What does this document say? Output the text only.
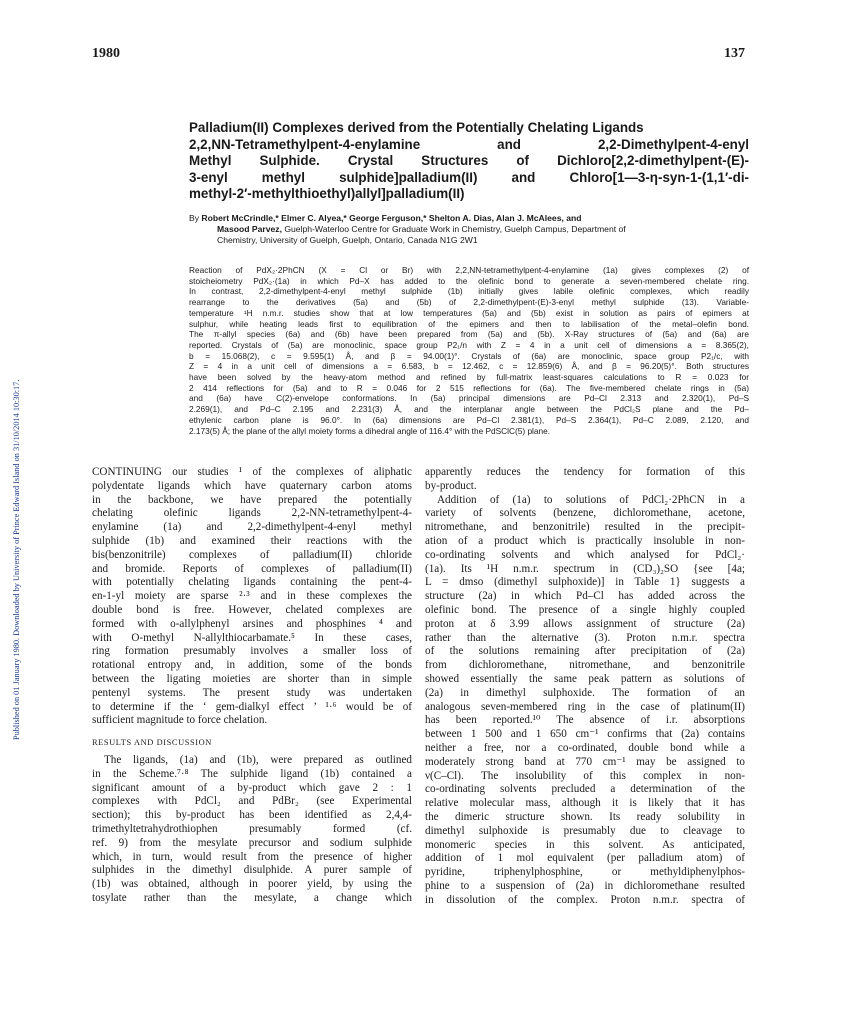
Published on 01 January 1980. Downloaded by University of Prince Edward Island on 31/10/2014 10:30:17.
1980	137
Palladium(II) Complexes derived from the Potentially Chelating Ligands
2,2,NN-Tetramethylpent-4-enylamine and 2,2-Dimethylpent-4-enyl
Methyl Sulphide. Crystal Structures of Dichloro[2,2-dimethylpent-(E)-
3-enyl methyl sulphide]palladium(II) and Chloro[1—3-η-syn-1-(1,1′-di-
methyl-2′-methylthioethyl)allyl]palladium(II)
By Robert McCrindle,* Elmer C. Alyea,* George Ferguson,* Shelton A. Dias, Alan J. McAlees, and
Masood Parvez, Guelph-Waterloo Centre for Graduate Work in Chemistry, Guelph Campus, Department of
Chemistry, University of Guelph, Guelph, Ontario, Canada N1G 2W1
Reaction of PdX₂·2PhCN (X = Cl or Br) with 2,2,NN-tetramethylpent-4-enylamine (1a) gives complexes (2) of
stoicheiometry PdX₂·(1a) in which Pd–X has added to the olefinic bond to generate a seven-membered chelate ring.
In contrast, 2,2-dimethylpent-4-enyl methyl sulphide (1b) initially gives labile olefinic complexes, which readily
rearrange to the derivatives (5a) and (5b) of 2,2-dimethylpent-(E)-3-enyl methyl sulphide (13). Variable-
temperature ¹H n.m.r. studies show that at low temperatures (5a) and (5b) exist in solution as pairs of epimers at
sulphur, while heating leads first to equilibration of the epimers and then to labilisation of the metal–olefin bond.
The π-allyl species (6a) and (6b) have been prepared from (5a) and (5b). X-Ray structures of (5a) and (6a) are
reported. Crystals of (5a) are monoclinic, space group P2₁/n with Z = 4 in a unit cell of dimensions a = 8.365(2),
b = 15.068(2), c = 9.595(1) Å, and β = 94.00(1)°. Crystals of (6a) are monoclinic, space group P2₁/c, with
Z = 4 in a unit cell of dimensions a = 6.583, b = 12.462, c = 12.859(6) Å, and β = 96.20(5)°. Both structures
have been solved by the heavy-atom method and refined by full-matrix least-squares calculations to R = 0.023 for
2 414 reflections for (5a) and to R = 0.046 for 2 515 reflections for (6a). The five-membered chelate rings in (5a)
and (6a) have C(2)-envelope conformations. In (5a) principal dimensions are Pd–Cl 2.313 and 2.320(1), Pd–S
2.269(1), and Pd–C 2.195 and 2.231(3) Å, and the interplanar angle between the PdCl₂S plane and the Pd–
ethylenic carbon plane is 96.0°. In (6a) dimensions are Pd–Cl 2.381(1), Pd–S 2.364(1), Pd–C 2.089, 2.120, and
2.173(5) Å; the plane of the allyl moiety forms a dihedral angle of 116.4° with the PdSClC(5) plane.
CONTINUING our studies ¹ of the complexes of aliphatic
polydentate ligands which have quaternary carbon atoms
in the backbone, we have prepared the potentially
chelating olefinic ligands 2,2-NN-tetramethylpent-4-
enylamine (1a) and 2,2-dimethylpent-4-enyl methyl
sulphide (1b) and examined their reactions with the
bis(benzonitrile) complexes of palladium(II) chloride
and bromide. Reports of complexes of palladium(II)
with potentially chelating ligands containing the pent-4-
en-1-yl moiety are sparse ²·³ and in these complexes the
double bond is free. However, chelated complexes are
formed with o-allylphenyl arsines and phosphines ⁴ and
with O-methyl N-allylthiocarbamate.⁵ In these cases,
ring formation presumably involves a smaller loss of
rotational entropy and, in addition, some of the bonds
between the ligating moieties are shorter than in simple
pentenyl systems. The present study was undertaken
to determine if the ‘ gem-dialkyl effect ’ ¹·⁶ would be of
sufficient magnitude to force chelation.
RESULTS AND DISCUSSION
The ligands, (1a) and (1b), were prepared as outlined
in the Scheme.⁷·⁸ The sulphide ligand (1b) contained a
significant amount of a by-product which gave 2 : 1
complexes with PdCl₂ and PdBr₂ (see Experimental
section); this by-product has been identified as 2,4,4-
trimethyltetrahydrothiophen presumably formed (cf.
ref. 9) from the mesylate precursor and sodium sulphide
which, in turn, would result from the presence of higher
sulphides in the dimethyl disulphide. A purer sample of
(1b) was obtained, although in poorer yield, by using the
tosylate rather than the mesylate, a change which
apparently reduces the tendency for formation of this
by-product.
Addition of (1a) to solutions of PdCl₂·2PhCN in a
variety of solvents (benzene, dichloromethane, acetone,
nitromethane, and benzonitrile) resulted in the precipit-
ation of a product which is practically insoluble in non-
co-ordinating solvents and which analysed for PdCl₂·
(1a). Its ¹H n.m.r. spectrum in (CD₃)₂SO {see [4a;
L = dmso (dimethyl sulphoxide)] in Table 1} suggests a
structure (2a) in which Pd–Cl has added across the
olefinic bond. The presence of a single highly coupled
proton at δ 3.99 allows assignment of structure (2a)
rather than the alternative (3). Proton n.m.r. spectra
of the solutions remaining after precipitation of (2a)
from dichloromethane, nitromethane, and benzonitrile
showed essentially the same peak pattern as solutions of
(2a) in dimethyl sulphoxide. The formation of an
analogous seven-membered ring in the case of platinum(II)
has been reported.¹⁰ The absence of i.r. absorptions
between 1 500 and 1 650 cm⁻¹ confirms that (2a) contains
neither a free, nor a co-ordinated, double bond while a
moderately strong band at 770 cm⁻¹ may be assigned to
ν(C–Cl). The insolubility of this complex in non-
co-ordinating solvents precluded a determination of the
relative molecular mass, although it is likely that it has
the dimeric structure shown. Its ready solubility in
dimethyl sulphoxide is presumably due to cleavage to
monomeric species in this solvent. As anticipated,
addition of 1 mol equivalent (per palladium atom) of
pyridine, triphenylphosphine, or methyldiphenylphos-
phine to a suspension of (2a) in dichloromethane resulted
in dissolution of the complex. Proton n.m.r. spectra of
